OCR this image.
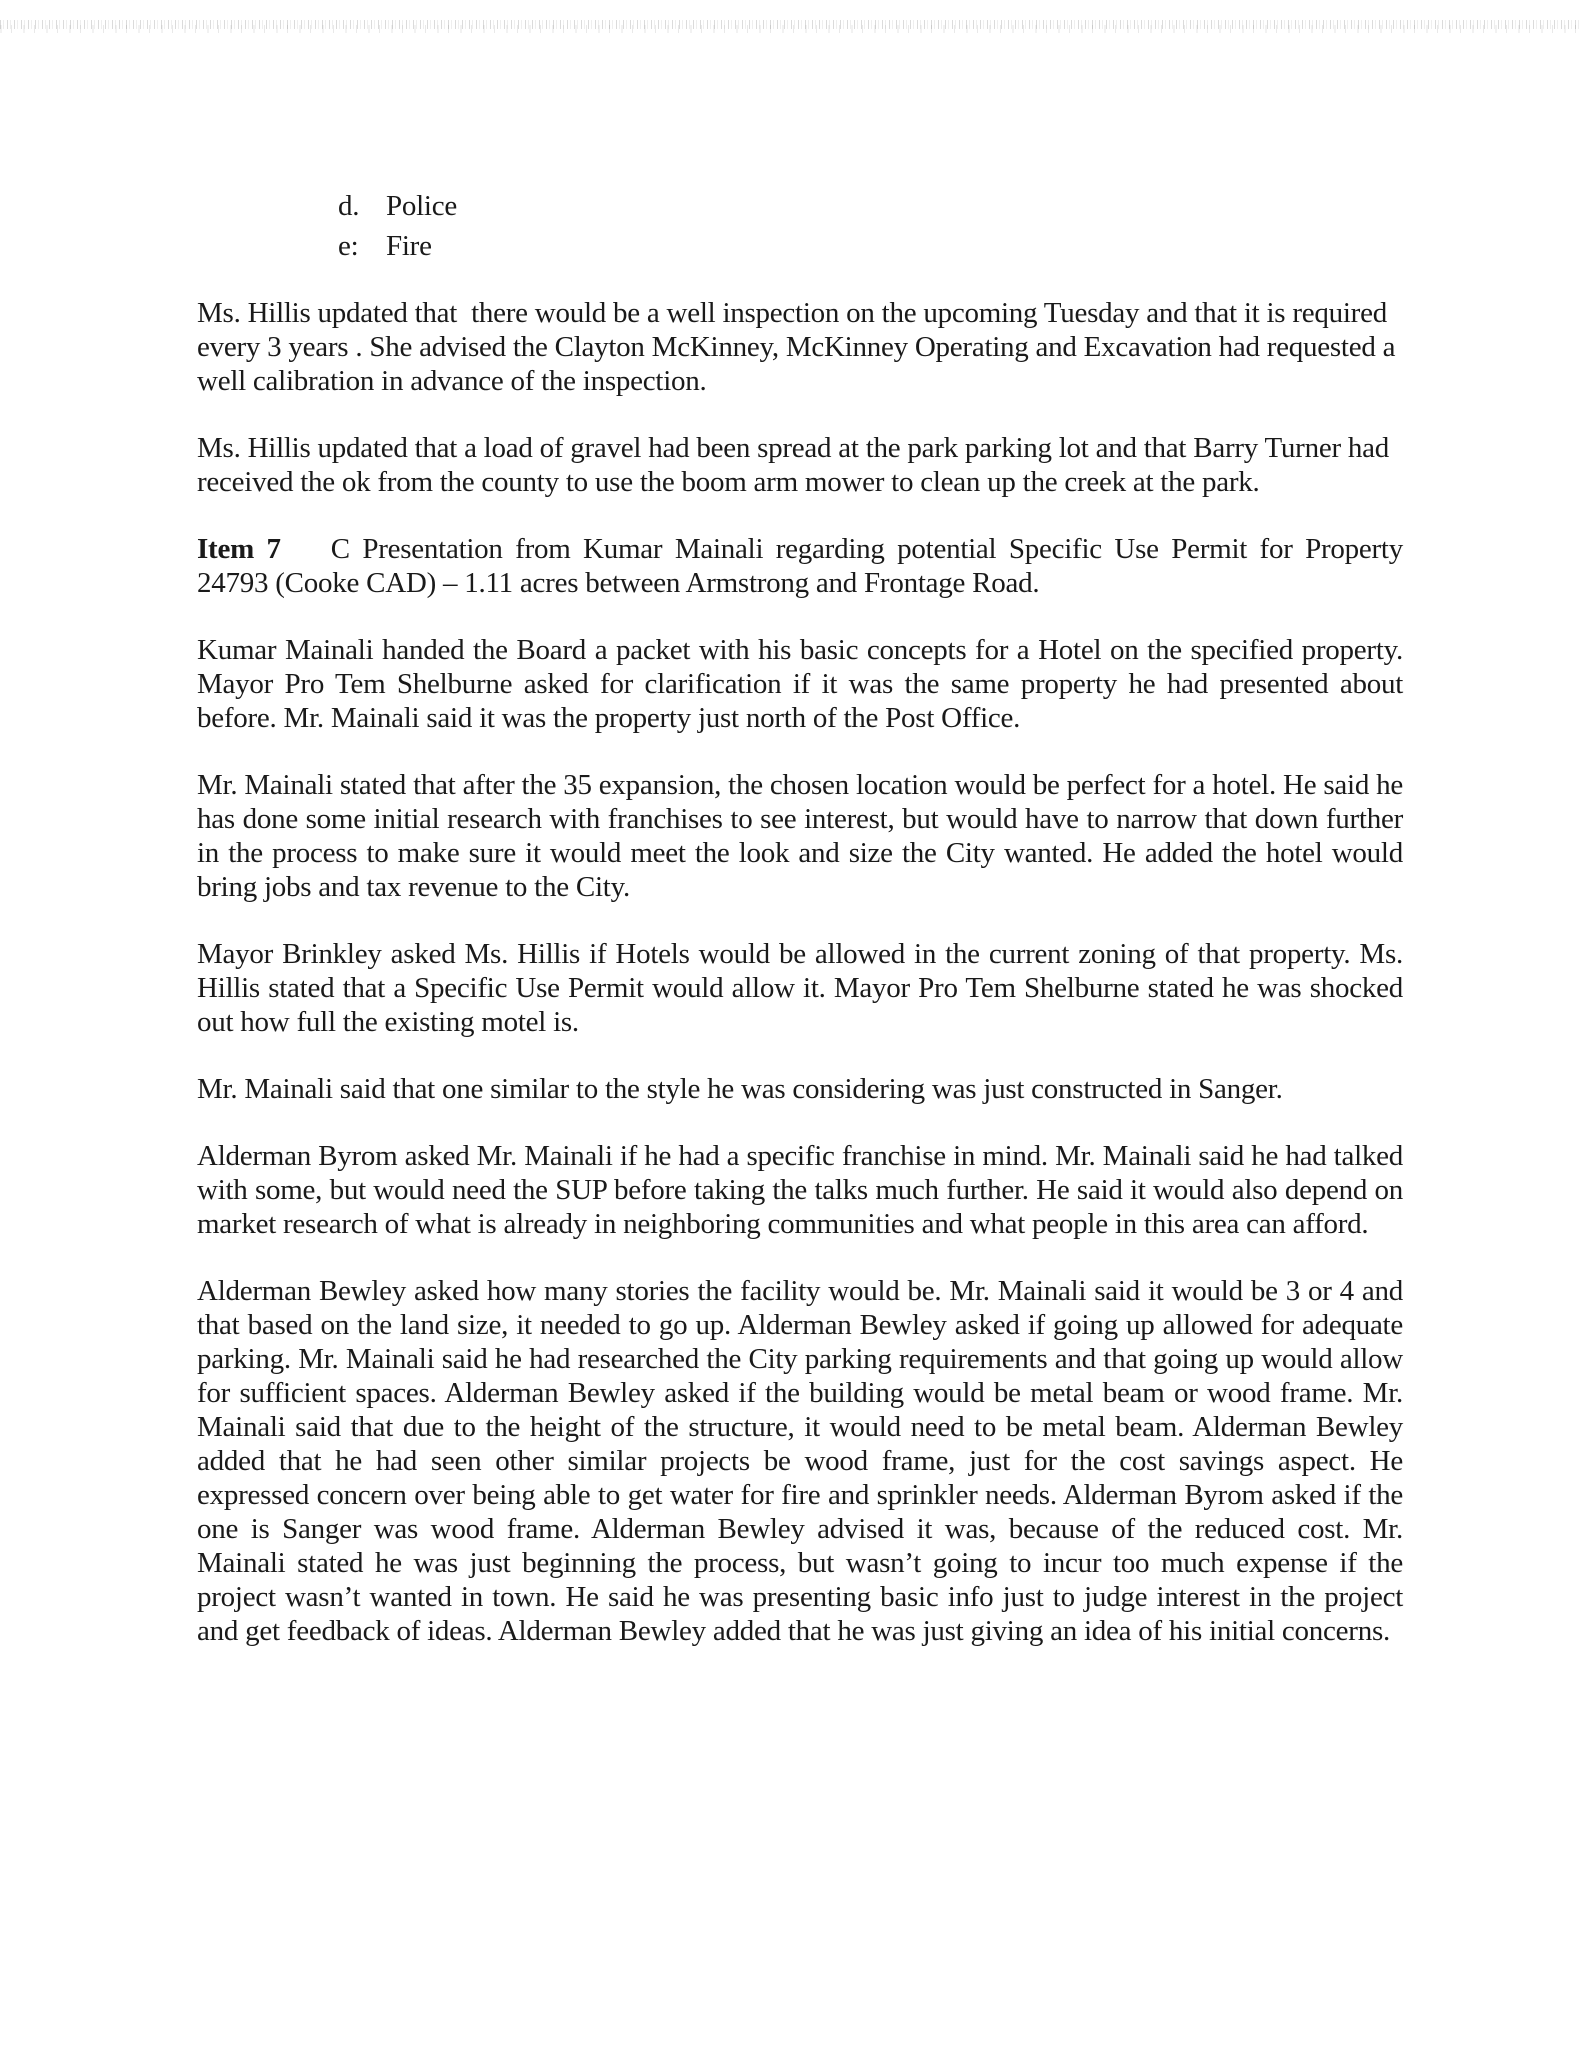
d. Police
e: Fire

Ms. Hillis updated that  there would be a well inspection on the upcoming Tuesday and that it is required every 3 years . She advised the Clayton McKinney, McKinney Operating and Excavation had requested a well calibration in advance of the inspection.

Ms. Hillis updated that a load of gravel had been spread at the park parking lot and that Barry Turner had received the ok from the county to use the boom arm mower to clean up the creek at the park.

Item 7 C Presentation from Kumar Mainali regarding potential Specific Use Permit for Property 24793 (Cooke CAD) – 1.11 acres between Armstrong and Frontage Road.

Kumar Mainali handed the Board a packet with his basic concepts for a Hotel on the specified property. Mayor Pro Tem Shelburne asked for clarification if it was the same property he had presented about before. Mr. Mainali said it was the property just north of the Post Office.

Mr. Mainali stated that after the 35 expansion, the chosen location would be perfect for a hotel. He said he has done some initial research with franchises to see interest, but would have to narrow that down further in the process to make sure it would meet the look and size the City wanted. He added the hotel would bring jobs and tax revenue to the City.

Mayor Brinkley asked Ms. Hillis if Hotels would be allowed in the current zoning of that property. Ms. Hillis stated that a Specific Use Permit would allow it. Mayor Pro Tem Shelburne stated he was shocked out how full the existing motel is.

Mr. Mainali said that one similar to the style he was considering was just constructed in Sanger.

Alderman Byrom asked Mr. Mainali if he had a specific franchise in mind. Mr. Mainali said he had talked with some, but would need the SUP before taking the talks much further. He said it would also depend on market research of what is already in neighboring communities and what people in this area can afford.

Alderman Bewley asked how many stories the facility would be. Mr. Mainali said it would be 3 or 4 and that based on the land size, it needed to go up. Alderman Bewley asked if going up allowed for adequate parking. Mr. Mainali said he had researched the City parking requirements and that going up would allow for sufficient spaces. Alderman Bewley asked if the building would be metal beam or wood frame. Mr. Mainali said that due to the height of the structure, it would need to be metal beam. Alderman Bewley added that he had seen other similar projects be wood frame, just for the cost savings aspect. He expressed concern over being able to get water for fire and sprinkler needs. Alderman Byrom asked if the one is Sanger was wood frame. Alderman Bewley advised it was, because of the reduced cost. Mr. Mainali stated he was just beginning the process, but wasn’t going to incur too much expense if the project wasn’t wanted in town. He said he was presenting basic info just to judge interest in the project and get feedback of ideas. Alderman Bewley added that he was just giving an idea of his initial concerns.
